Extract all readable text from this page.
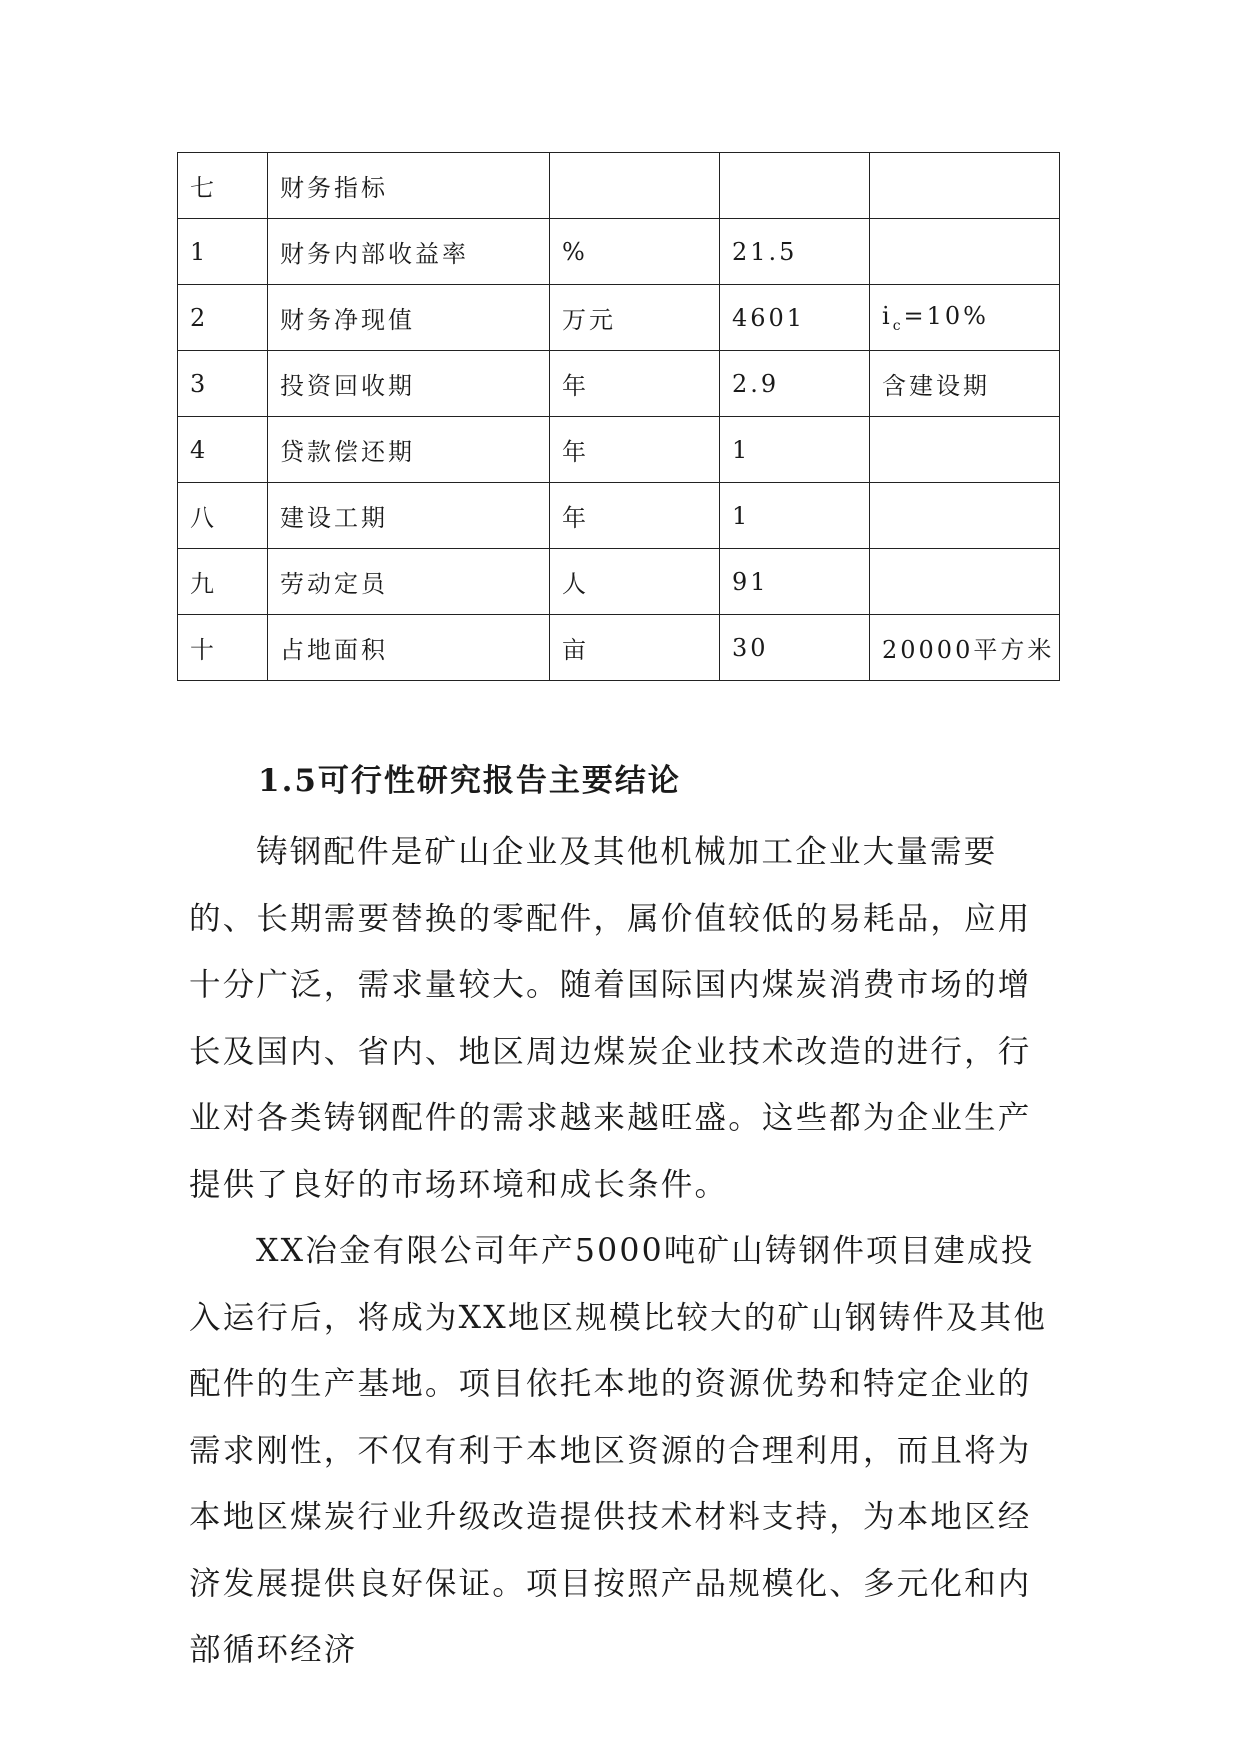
七	财务指标			
1	财务内部收益率	%	21.5	
2	财务净现值	万元	4601	$i_c=10\%$
3	投资回收期	年	2.9	含建设期
4	贷款偿还期	年	1	
八	建设工期	年	1	
九	劳动定员	人	91	
十	占地面积	亩	30	20000平方米
1.5可行性研究报告主要结论

铸钢配件是矿山企业及其他机械加工企业大量需要的、长期需要替换的零配件，属价值较低的易耗品，应用十分广泛，需求量较大。随着国际国内煤炭消费市场的增长及国内、省内、地区周边煤炭企业技术改造的进行，行业对各类铸钢配件的需求越来越旺盛。这些都为企业生产提供了良好的市场环境和成长条件。

XX冶金有限公司年产5000吨矿山铸钢件项目建成投入运行后，将成为XX地区规模比较大的矿山钢铸件及其他配件的生产基地。项目依托本地的资源优势和特定企业的需求刚性，不仅有利于本地区资源的合理利用，而且将为本地区煤炭行业升级改造提供技术材料支持，为本地区经济发展提供良好保证。项目按照产品规模化、多元化和内部循环经济
